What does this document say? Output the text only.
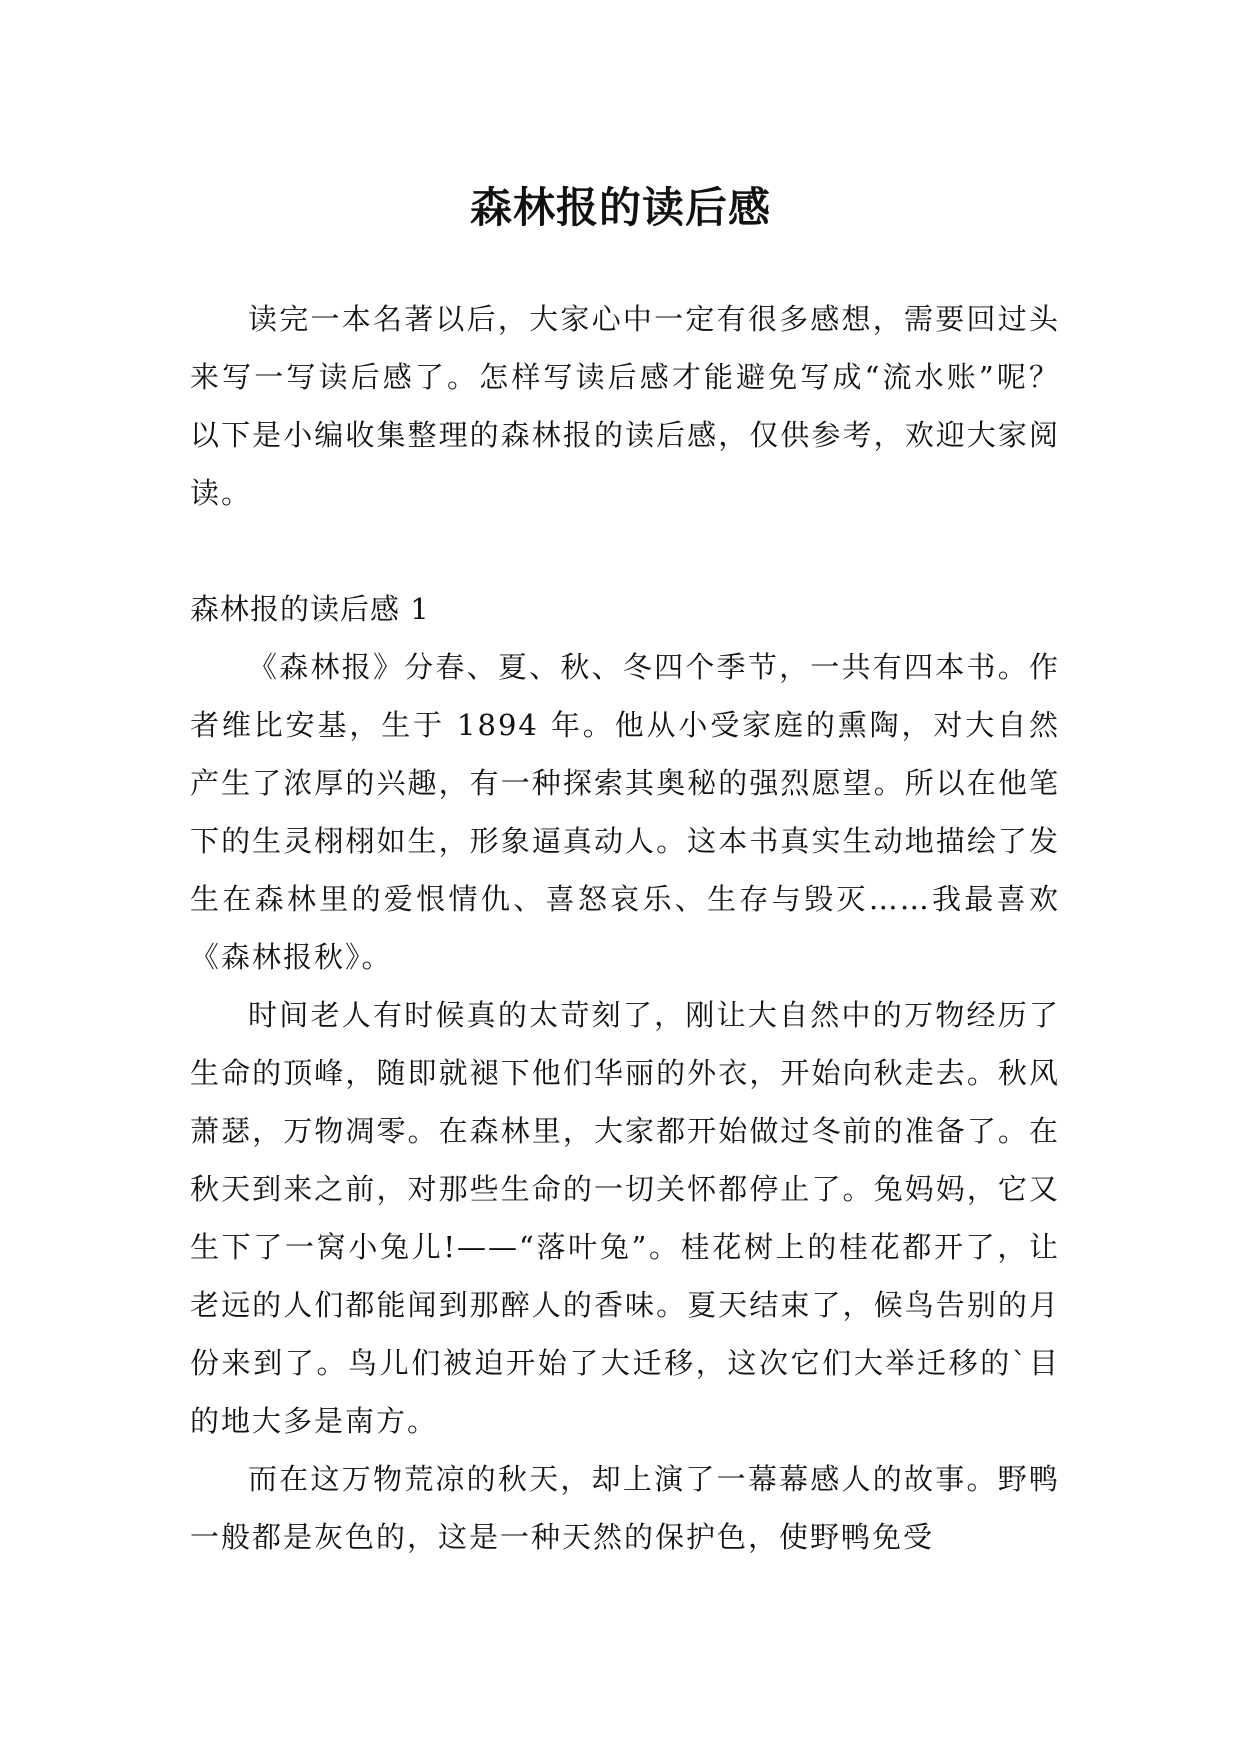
森林报的读后感

读完一本名著以后，大家心中一定有很多感想，需要回过头来写一写读后感了。怎样写读后感才能避免写成“流水账”呢？以下是小编收集整理的森林报的读后感，仅供参考，欢迎大家阅读。

森林报的读后感 1

《森林报》分春、夏、秋、冬四个季节，一共有四本书。作者维比安基，生于 1894 年。他从小受家庭的熏陶，对大自然产生了浓厚的兴趣，有一种探索其奥秘的强烈愿望。所以在他笔下的生灵栩栩如生，形象逼真动人。这本书真实生动地描绘了发生在森林里的爱恨情仇、喜怒哀乐、生存与毁灭……我最喜欢《森林报秋》。

时间老人有时候真的太苛刻了，刚让大自然中的万物经历了生命的顶峰，随即就褪下他们华丽的外衣，开始向秋走去。秋风萧瑟，万物凋零。在森林里，大家都开始做过冬前的准备了。在秋天到来之前，对那些生命的一切关怀都停止了。兔妈妈，它又生下了一窝小兔儿!——“落叶兔”。桂花树上的桂花都开了，让老远的人们都能闻到那醉人的香味。夏天结束了，候鸟告别的月份来到了。鸟儿们被迫开始了大迁移，这次它们大举迁移的`目的地大多是南方。

而在这万物荒凉的秋天，却上演了一幕幕感人的故事。野鸭一般都是灰色的，这是一种天然的保护色，使野鸭免受
